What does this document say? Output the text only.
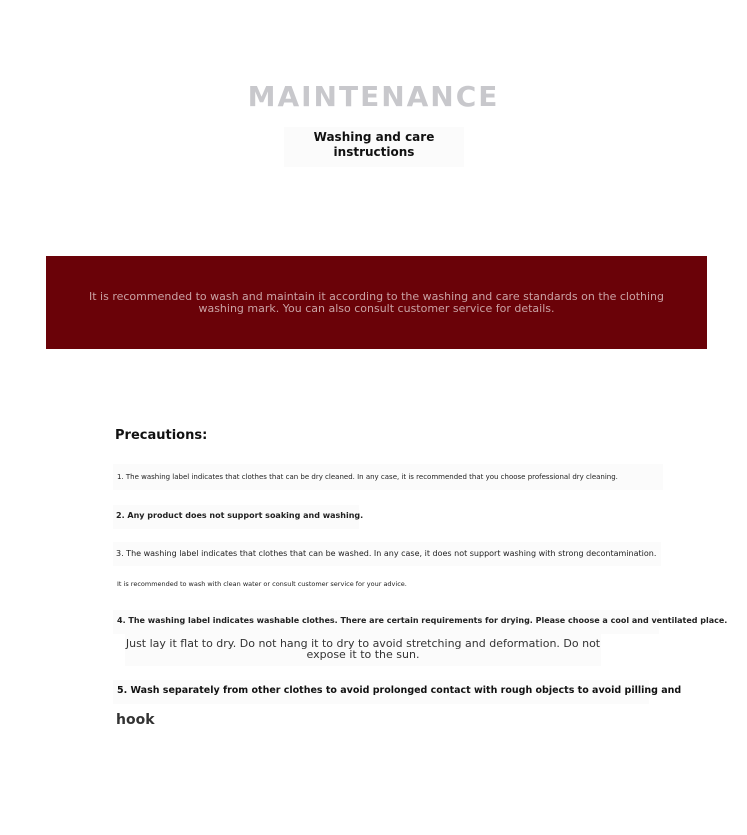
MAINTENANCE
Washing and care
instructions
It is recommended to wash and maintain it according to the washing and care standards on the clothing washing mark. You can also consult customer service for details.
Precautions:
1. The washing label indicates that clothes that can be dry cleaned. In any case, it is recommended that you choose professional dry cleaning.
2. Any product does not support soaking and washing.
3. The washing label indicates that clothes that can be washed. In any case, it does not support washing with strong decontamination.
It is recommended to wash with clean water or consult customer service for your advice.
4. The washing label indicates washable clothes. There are certain requirements for drying. Please choose a cool and ventilated place.
Just lay it flat to dry. Do not hang it to dry to avoid stretching and deformation. Do not expose it to the sun.
5. Wash separately from other clothes to avoid prolonged contact with rough objects to avoid pilling and
hook
